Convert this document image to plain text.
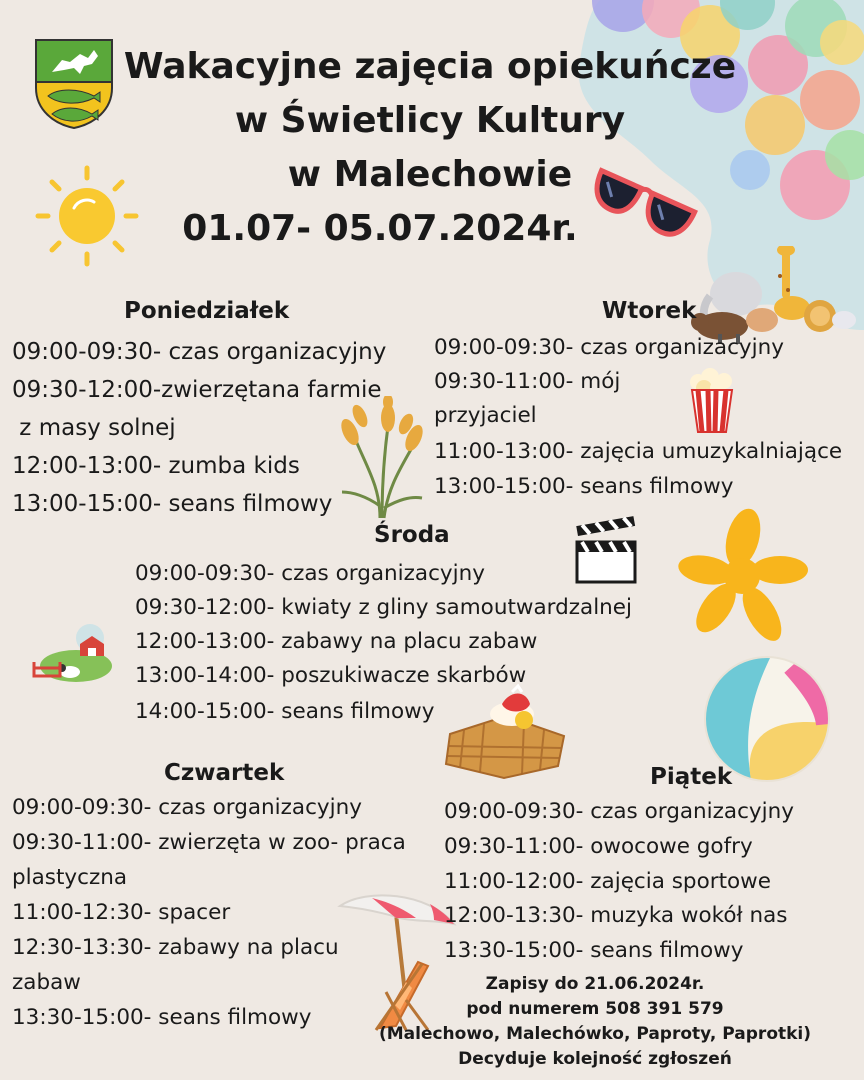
Wakacyjne zajęcia opiekuńcze
w Świetlicy Kultury
w Malechowie
01.07- 05.07.2024r.
Poniedziałek
09:00-09:30- czas organizacyjny
09:30-12:00-zwierzętana farmie
z masy solnej
12:00-13:00- zumba kids
13:00-15:00- seans filmowy
Wtorek
09:00-09:30- czas organizacyjny
09:30-11:00- mój
przyjaciel
11:00-13:00- zajęcia umuzykalniające
13:00-15:00- seans filmowy
Środa
09:00-09:30- czas organizacyjny
09:30-12:00- kwiaty z gliny samoutwardzalnej
12:00-13:00- zabawy na placu zabaw
13:00-14:00- poszukiwacze skarbów
14:00-15:00- seans filmowy
Czwartek
09:00-09:30- czas organizacyjny
09:30-11:00- zwierzęta w zoo- praca
plastyczna
11:00-12:30- spacer
12:30-13:30- zabawy na placu
zabaw
13:30-15:00- seans filmowy
Piątek
09:00-09:30- czas organizacyjny
09:30-11:00- owocowe gofry
11:00-12:00- zajęcia sportowe
12:00-13:30- muzyka wokół nas
13:30-15:00- seans filmowy
Zapisy do 21.06.2024r.
pod numerem 508 391 579
(Malechowo, Malechówko, Paproty, Paprotki)
Decyduje kolejność zgłoszeń
